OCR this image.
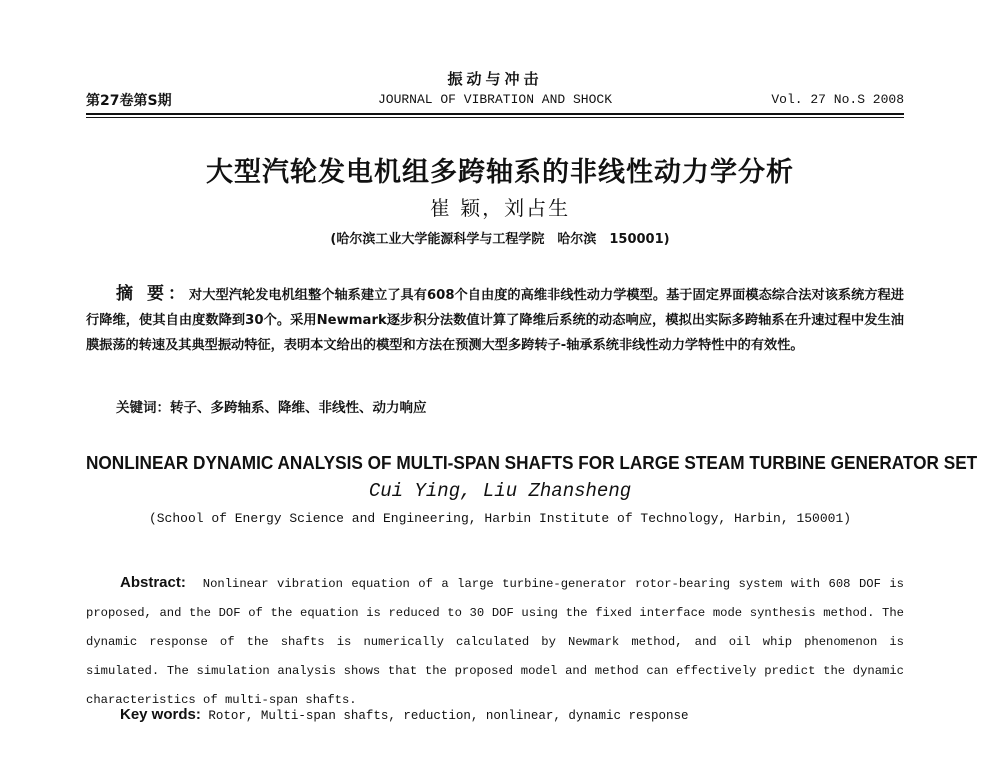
振动与冲击
第27卷第S期	JOURNAL OF VIBRATION AND SHOCK	Vol. 27 No.S 2008
大型汽轮发电机组多跨轴系的非线性动力学分析
崔 颖，刘占生
(哈尔滨工业大学能源科学与工程学院　哈尔滨　150001)
摘 要：对大型汽轮发电机组整个轴系建立了具有608个自由度的高维非线性动力学模型。基于固定界面模态综合法对该系统方程进行降维，使其自由度数降到30个。采用Newmark逐步积分法数值计算了降维后系统的动态响应，模拟出实际多跨轴系在升速过程中发生油膜振荡的转速及其典型振动特征，表明本文给出的模型和方法在预测大型多跨转子-轴承系统非线性动力学特性中的有效性。
关键词：转子、多跨轴系、降维、非线性、动力响应
NONLINEAR DYNAMIC ANALYSIS OF MULTI-SPAN SHAFTS FOR LARGE STEAM TURBINE GENERATOR SET
Cui Ying, Liu Zhansheng
(School of Energy Science and Engineering, Harbin Institute of Technology, Harbin, 150001)
Abstract: Nonlinear vibration equation of a large turbine-generator rotor-bearing system with 608 DOF is proposed, and the DOF of the equation is reduced to 30 DOF using the fixed interface mode synthesis method. The dynamic response of the shafts is numerically calculated by Newmark method, and oil whip phenomenon is simulated. The simulation analysis shows that the proposed model and method can effectively predict the dynamic characteristics of multi-span shafts.
Key words: Rotor, Multi-span shafts, reduction, nonlinear, dynamic response
